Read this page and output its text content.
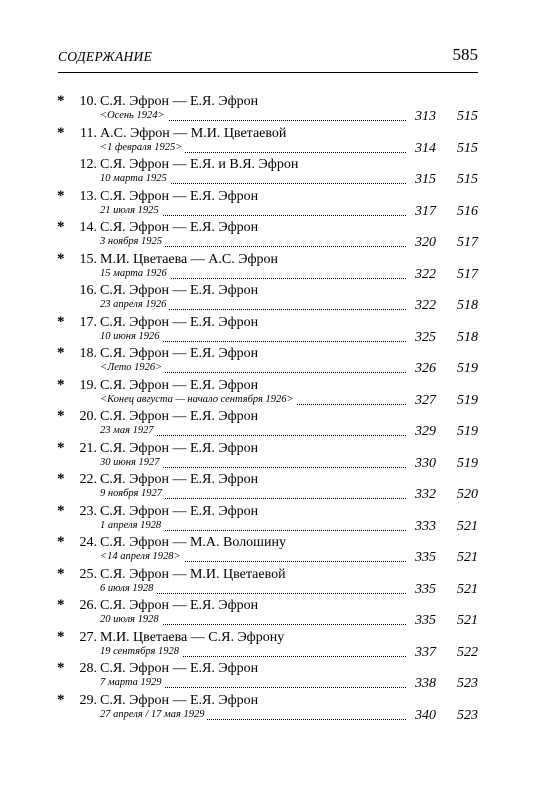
СОДЕРЖАНИЕ	585
* 10. С.Я. Эфрон — Е.Я. Эфрон
<Осень 1924>	313	515
* 11. А.С. Эфрон — М.И. Цветаевой
<1 февраля 1925>	314	515
12. С.Я. Эфрон — Е.Я. и В.Я. Эфрон
10 марта 1925	315	515
* 13. С.Я. Эфрон — Е.Я. Эфрон
21 июля 1925	317	516
* 14. С.Я. Эфрон — Е.Я. Эфрон
3 ноября 1925	320	517
* 15. М.И. Цветаева — А.С. Эфрон
15 марта 1926	322	517
16. С.Я. Эфрон — Е.Я. Эфрон
23 апреля 1926	322	518
* 17. С.Я. Эфрон — Е.Я. Эфрон
10 июня 1926	325	518
* 18. С.Я. Эфрон — Е.Я. Эфрон
<Лето 1926>	326	519
* 19. С.Я. Эфрон — Е.Я. Эфрон
<Конец августа — начало сентября 1926>	327	519
* 20. С.Я. Эфрон — Е.Я. Эфрон
23 мая 1927	329	519
* 21. С.Я. Эфрон — Е.Я. Эфрон
30 июня 1927	330	519
* 22. С.Я. Эфрон — Е.Я. Эфрон
9 ноября 1927	332	520
* 23. С.Я. Эфрон — Е.Я. Эфрон
1 апреля 1928	333	521
* 24. С.Я. Эфрон — М.А. Волошину
<14 апреля 1928>	335	521
* 25. С.Я. Эфрон — М.И. Цветаевой
6 июля 1928	335	521
* 26. С.Я. Эфрон — Е.Я. Эфрон
20 июля 1928	335	521
* 27. М.И. Цветаева — С.Я. Эфрону
19 сентября 1928	337	522
* 28. С.Я. Эфрон — Е.Я. Эфрон
7 марта 1929	338	523
* 29. С.Я. Эфрон — Е.Я. Эфрон
27 апреля / 17 мая 1929	340	523
